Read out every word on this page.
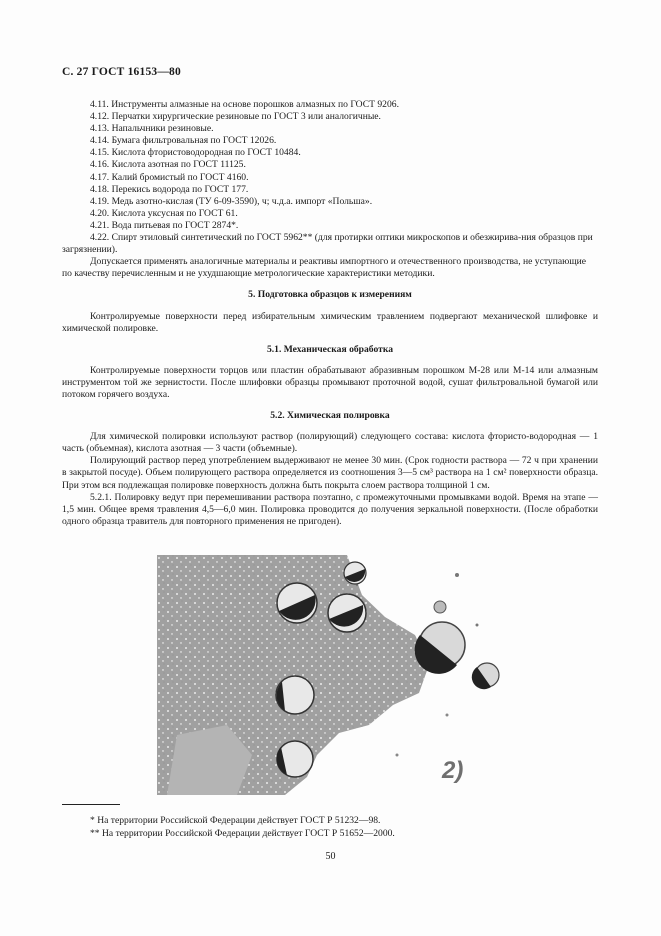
С. 27 ГОСТ 16153—80

4.11. Инструменты алмазные на основе порошков алмазных по ГОСТ 9206.

4.12. Перчатки хирургические резиновые по ГОСТ 3 или аналогичные.

4.13. Напальчники резиновые.

4.14. Бумага фильтровальная по ГОСТ 12026.

4.15. Кислота фтористоводородная по ГОСТ 10484.

4.16. Кислота азотная по ГОСТ 11125.

4.17. Калий бромистый по ГОСТ 4160.

4.18. Перекись водорода по ГОСТ 177.

4.19. Медь азотно-кислая (ТУ 6-09-3590), ч; ч.д.а. импорт «Польша».

4.20. Кислота уксусная по ГОСТ 61.

4.21. Вода питьевая по ГОСТ 2874*.

4.22. Спирт этиловый синтетический по ГОСТ 5962** (для протирки оптики микроскопов и обезжирива-ния образцов при загрязнении).

Допускается применять аналогичные материалы и реактивы импортного и отечественного производства, не уступающие по качеству перечисленным и не ухудшающие метрологические характеристики методики.

5. Подготовка образцов к измерениям

Контролируемые поверхности перед избирательным химическим травлением подвергают механической шлифовке и химической полировке.

5.1. Механическая обработка

Контролируемые поверхности торцов или пластин обрабатывают абразивным порошком М-28 или М-14 или алмазным инструментом той же зернистости. После шлифовки образцы промывают проточной водой, сушат фильтровальной бумагой или потоком горячего воздуха.

5.2. Химическая полировка

Для химической полировки используют раствор (полирующий) следующего состава: кислота фтористо-водородная — 1 часть (объемная), кислота азотная — 3 части (объемные).

Полирующий раствор перед употреблением выдерживают не менее 30 мин. (Срок годности раствора — 72 ч при хранении в закрытой посуде). Объем полирующего раствора определяется из соотношения 3—5 см³ раствора на 1 см² поверхности образца. При этом вся подлежащая полировке поверхность должна быть покрыта слоем раствора толщиной 1 см.

5.2.1. Полировку ведут при перемешивании раствора поэтапно, с промежуточными промывками водой. Время на этапе — 1,5 мин. Общее время травления 4,5—6,0 мин. Полировка проводится до получения зеркальной поверхности. (После обработки одного образца травитель для повторного применения не пригоден).

2)

* На территории Российской Федерации действует ГОСТ Р 51232—98.

** На территории Российской Федерации действует ГОСТ Р 51652—2000.

50
